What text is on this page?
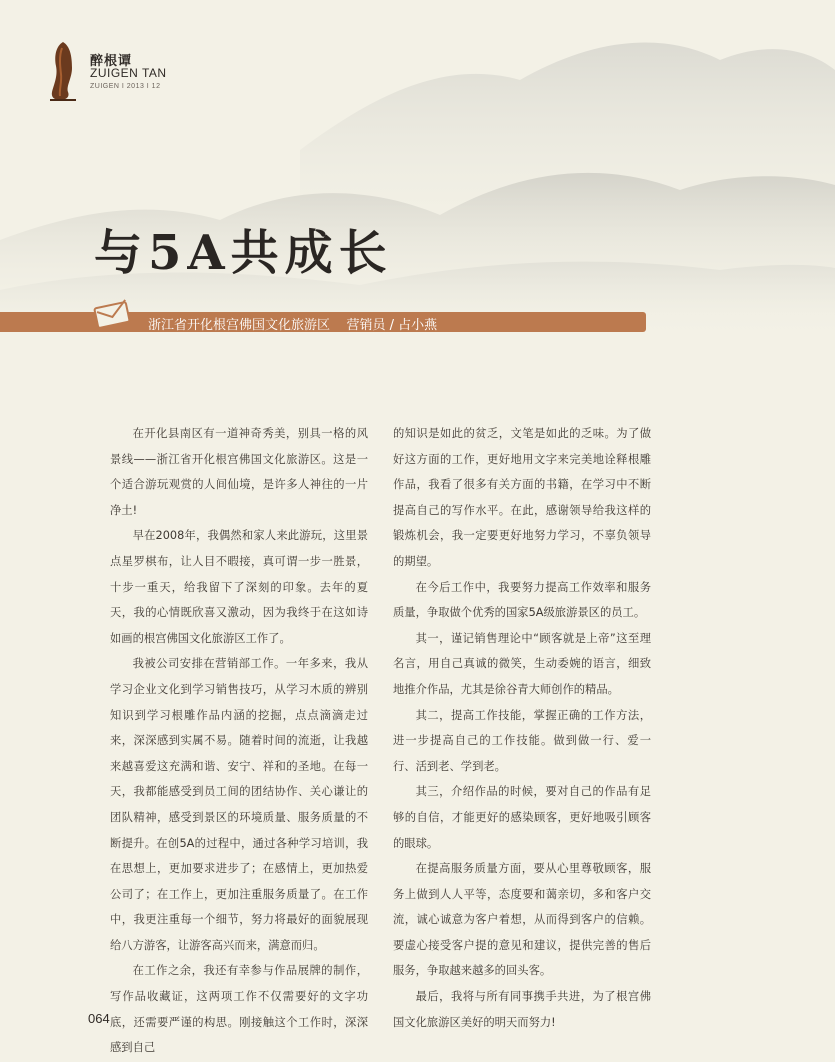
醉根谭
ZUIGEN TAN
ZUIGEN I 2013 I 12
与5A共成长
浙江省开化根宫佛国文化旅游区    营销员 / 占小燕

在开化县南区有一道神奇秀美，别具一格的风景线——浙江省开化根宫佛国文化旅游区。这是一个适合游玩观赏的人间仙境，是许多人神往的一片净土!

早在2008年，我偶然和家人来此游玩，这里景点星罗棋布，让人目不暇接，真可谓一步一胜景，十步一重天，给我留下了深刻的印象。去年的夏天，我的心情既欣喜又激动，因为我终于在这如诗如画的根宫佛国文化旅游区工作了。

我被公司安排在营销部工作。一年多来，我从学习企业文化到学习销售技巧，从学习木质的辨别知识到学习根雕作品内涵的挖掘，点点滴滴走过来，深深感到实属不易。随着时间的流逝，让我越来越喜爱这充满和谐、安宁、祥和的圣地。在每一天，我都能感受到员工间的团结协作、关心谦让的团队精神，感受到景区的环境质量、服务质量的不断提升。在创5A的过程中，通过各种学习培训，我在思想上，更加要求进步了；在感情上，更加热爱公司了；在工作上，更加注重服务质量了。在工作中，我更注重每一个细节，努力将最好的面貌展现给八方游客，让游客高兴而来，满意而归。

在工作之余，我还有幸参与作品展牌的制作，写作品收藏证，这两项工作不仅需要好的文字功底，还需要严谨的构思。刚接触这个工作时，深深感到自己

的知识是如此的贫乏，文笔是如此的乏味。为了做好这方面的工作，更好地用文字来完美地诠释根雕作品，我看了很多有关方面的书籍，在学习中不断提高自己的写作水平。在此，感谢领导给我这样的锻炼机会，我一定要更好地努力学习，不辜负领导的期望。

在今后工作中，我要努力提高工作效率和服务质量，争取做个优秀的国家5A级旅游景区的员工。

其一，谨记销售理论中“顾客就是上帝”这至理名言，用自己真诚的微笑，生动委婉的语言，细致地推介作品，尤其是徐谷青大师创作的精品。

其二，提高工作技能，掌握正确的工作方法，进一步提高自己的工作技能。做到做一行、爱一行、活到老、学到老。

其三，介绍作品的时候，要对自己的作品有足够的自信，才能更好的感染顾客，更好地吸引顾客的眼球。

在提高服务质量方面，要从心里尊敬顾客，服务上做到人人平等，态度要和蔼亲切，多和客户交流，诚心诚意为客户着想，从而得到客户的信赖。要虚心接受客户提的意见和建议，提供完善的售后服务，争取越来越多的回头客。

最后，我将与所有同事携手共进，为了根宫佛国文化旅游区美好的明天而努力!

064
